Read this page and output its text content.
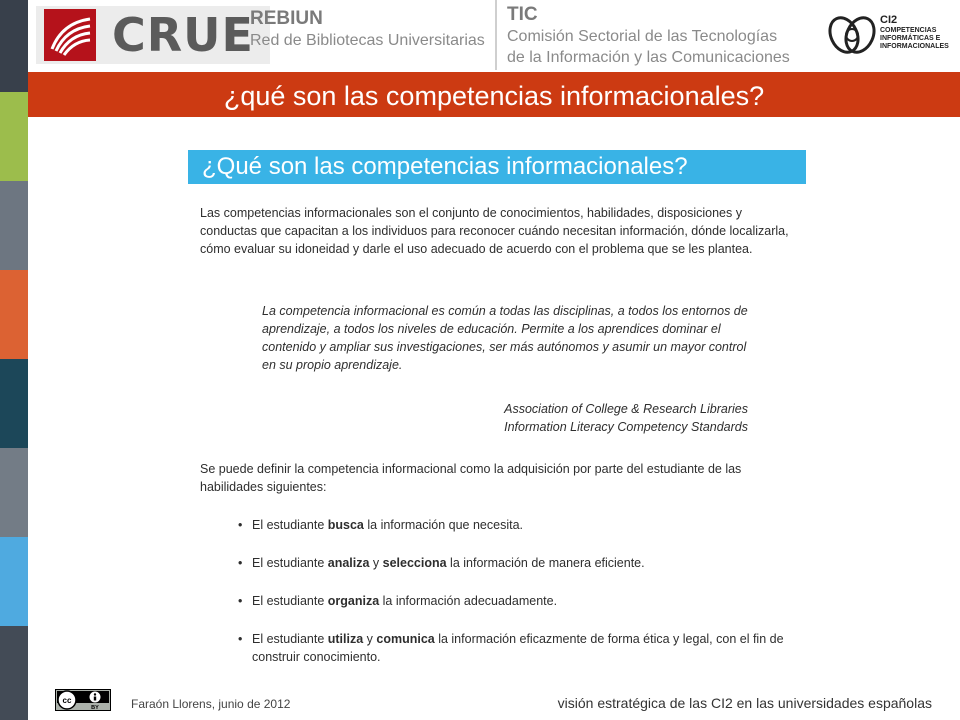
CRUE
REBIUN
Red de Bibliotecas Universitarias
TIC
Comisión Sectorial de las Tecnologías
de la Información y las Comunicaciones
CI2
COMPETENCIAS
INFORMÁTICAS E
INFORMACIONALES
¿qué son las competencias informacionales?
¿Qué son las competencias informacionales?
Las competencias informacionales son el conjunto de conocimientos, habilidades, disposiciones y conductas que capacitan a los individuos para reconocer cuándo necesitan información, dónde localizarla, cómo evaluar su idoneidad y darle el uso adecuado de acuerdo con el problema que se les plantea.
La competencia informacional es común a todas las disciplinas, a todos los entornos de aprendizaje, a todos los niveles de educación. Permite a los aprendices dominar el contenido y ampliar sus investigaciones, ser más autónomos y asumir un mayor control en su propio aprendizaje.
Association of College & Research Libraries
Information Literacy Competency Standards
Se puede definir la competencia informacional como la adquisición por parte del estudiante de las habilidades siguientes:
• El estudiante busca la información que necesita.
• El estudiante analiza y selecciona la información de manera eficiente.
• El estudiante organiza la información adecuadamente.
• El estudiante utiliza y comunica la información eficazmente de forma ética y legal, con el fin de construir conocimiento.
cc
BY	Faraón Llorens, junio de 2012	visión estratégica de las CI2 en las universidades españolas
